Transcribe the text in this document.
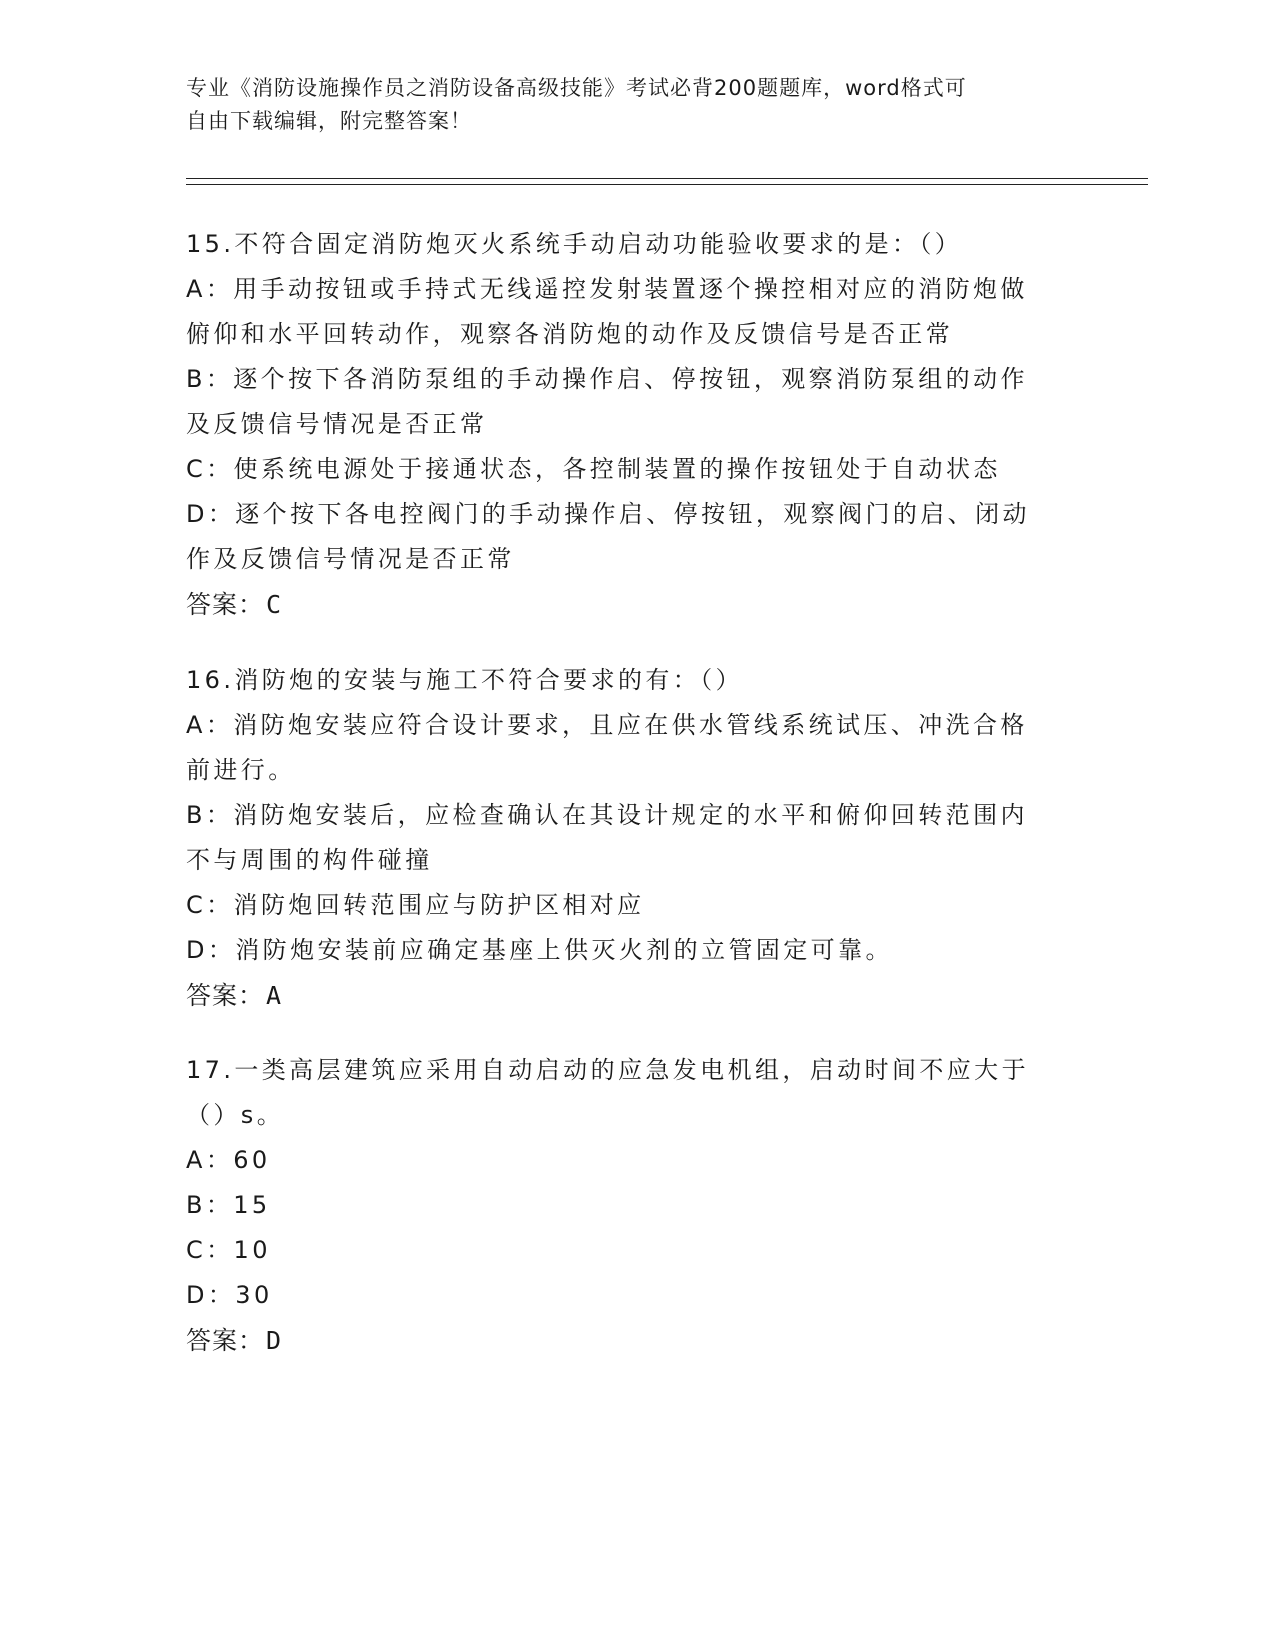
专业《消防设施操作员之消防设备高级技能》考试必背200题题库，word格式可
自由下载编辑，附完整答案！
15.不符合固定消防炮灭火系统手动启动功能验收要求的是：（）
A：用手动按钮或手持式无线遥控发射装置逐个操控相对应的消防炮做
俯仰和水平回转动作，观察各消防炮的动作及反馈信号是否正常
B：逐个按下各消防泵组的手动操作启、停按钮，观察消防泵组的动作
及反馈信号情况是否正常
C：使系统电源处于接通状态，各控制装置的操作按钮处于自动状态
D：逐个按下各电控阀门的手动操作启、停按钮，观察阀门的启、闭动
作及反馈信号情况是否正常
答案：C
16.消防炮的安装与施工不符合要求的有：（）
A：消防炮安装应符合设计要求，且应在供水管线系统试压、冲洗合格
前进行。
B：消防炮安装后，应检查确认在其设计规定的水平和俯仰回转范围内
不与周围的构件碰撞
C：消防炮回转范围应与防护区相对应
D：消防炮安装前应确定基座上供灭火剂的立管固定可靠。
答案：A
17.一类高层建筑应采用自动启动的应急发电机组，启动时间不应大于
（）s。
A：60
B：15
C：10
D：30
答案：D
